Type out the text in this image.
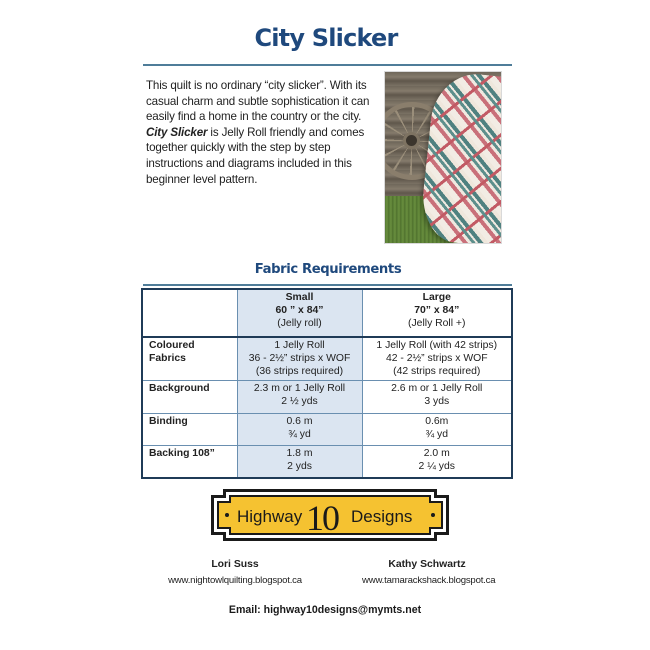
City Slicker

This quilt is no ordinary “city slicker”. With its casual charm and subtle sophistication it can easily find a home in the country or the city. City Slicker is Jelly Roll friendly and comes together quickly with the step by step instructions and diagrams included in this beginner level pattern.

Fabric Requirements

	Small
60 ” x 84”
(Jelly roll)	Large
70” x 84”
(Jelly Roll +)

Coloured
Fabrics	1 Jelly Roll
36 - 2½” strips x WOF
(36 strips required)	1 Jelly Roll (with 42 strips)
42 - 2½” strips x WOF
(42 strips required)

Background	2.3 m or 1 Jelly Roll
2 ½ yds	2.6 m or 1 Jelly Roll
3 yds

Binding	0.6 m
¾ yd	0.6m
¾ yd

Backing 108”	1.8 m
2 yds	2.0 m
2 ¼ yds
Highway 10 Designs
Lori Suss
www.nightowlquilting.blogspot.ca
Kathy Schwartz
www.tamarackshack.blogspot.ca
Email: highway10designs@mymts.net
